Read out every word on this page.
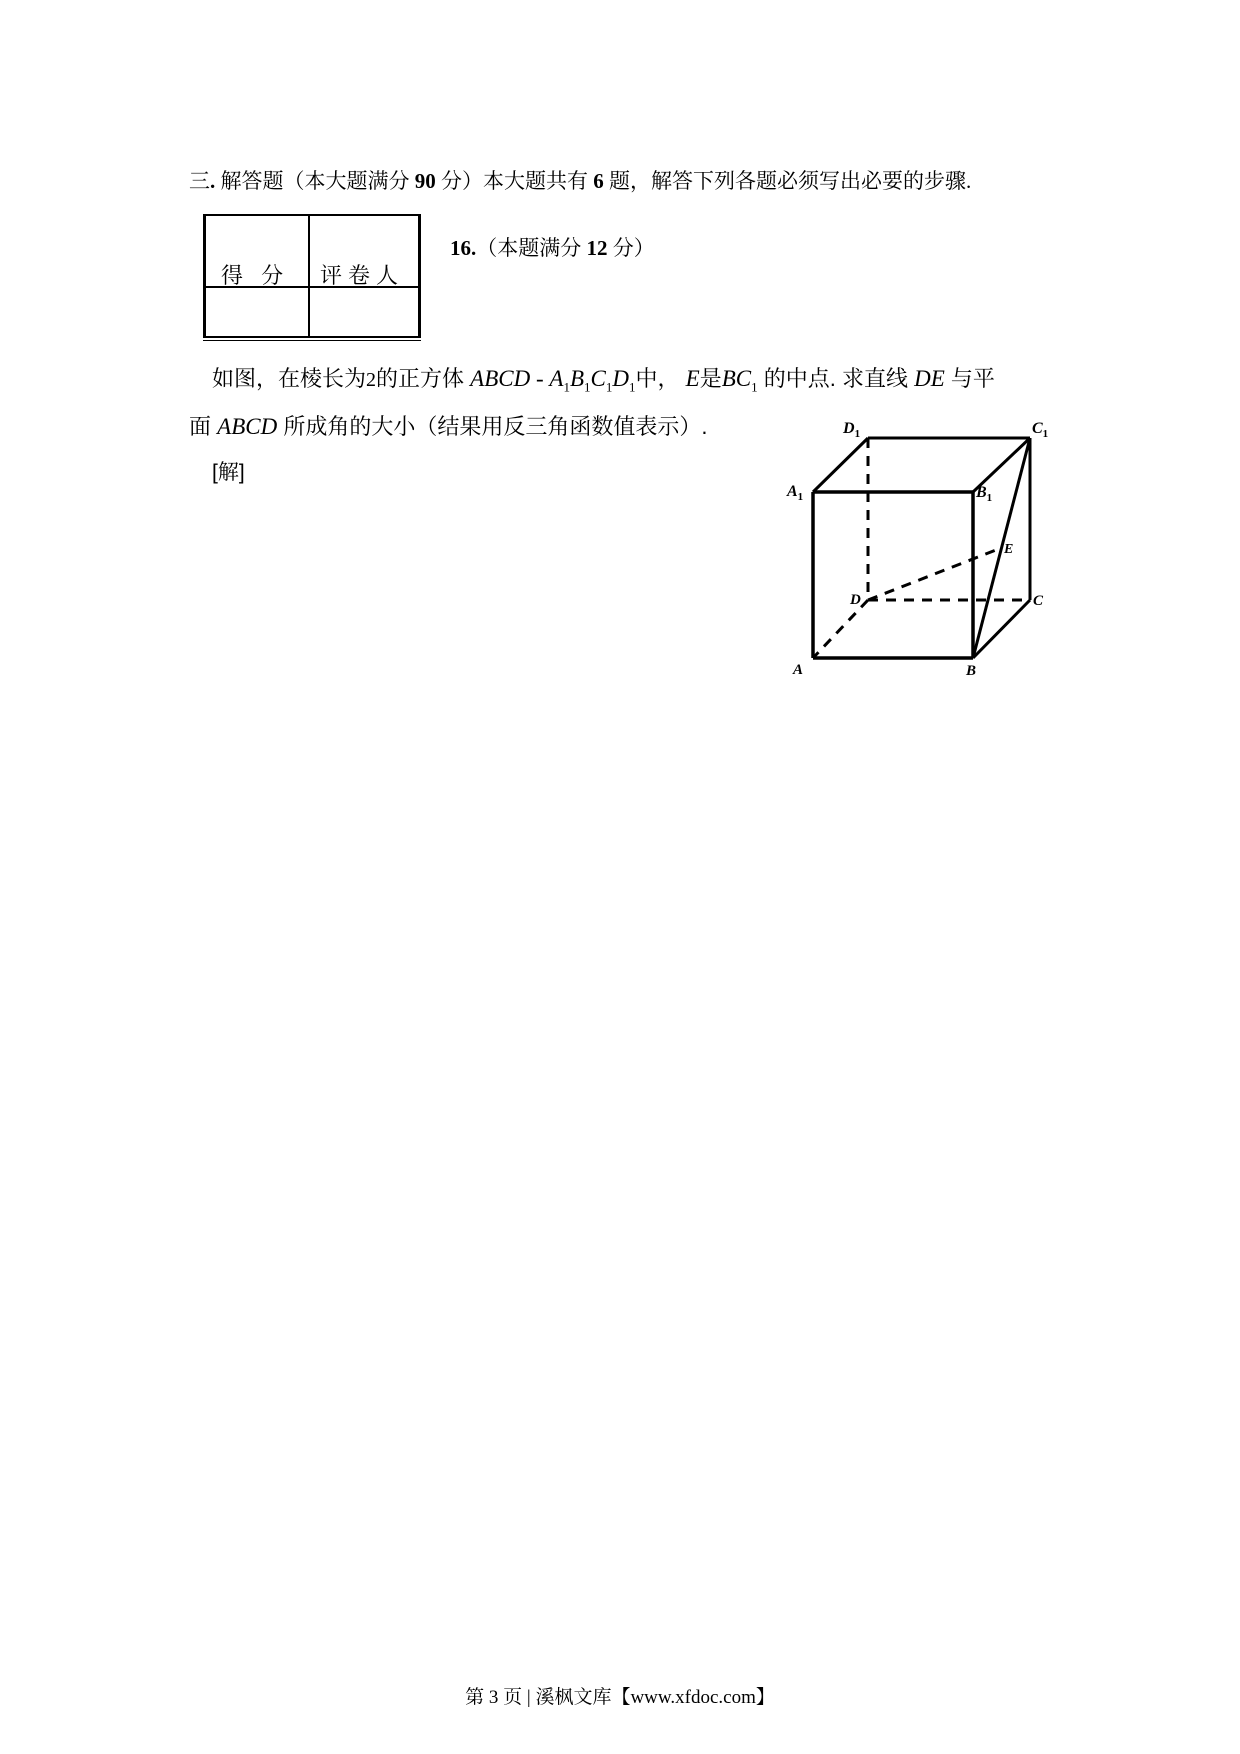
三. 解答题（本大题满分 90 分）本大题共有 6 题，解答下列各题必须写出必要的步骤.
得 分 评卷人
16.（本题满分 12 分）
如图，在棱长为2的正方体 ABCD - $A_1B_1C_1D_1$中， E是$BC_1$ 的中点. 求直线 DE 与平
面 ABCD 所成角的大小（结果用反三角函数值表示）.
[解]
$D_1$	$C_1$
$A_1$	$B_1$
E
C
D
A	B
第 3 页 | 溪枫文库【www.xfdoc.com】
